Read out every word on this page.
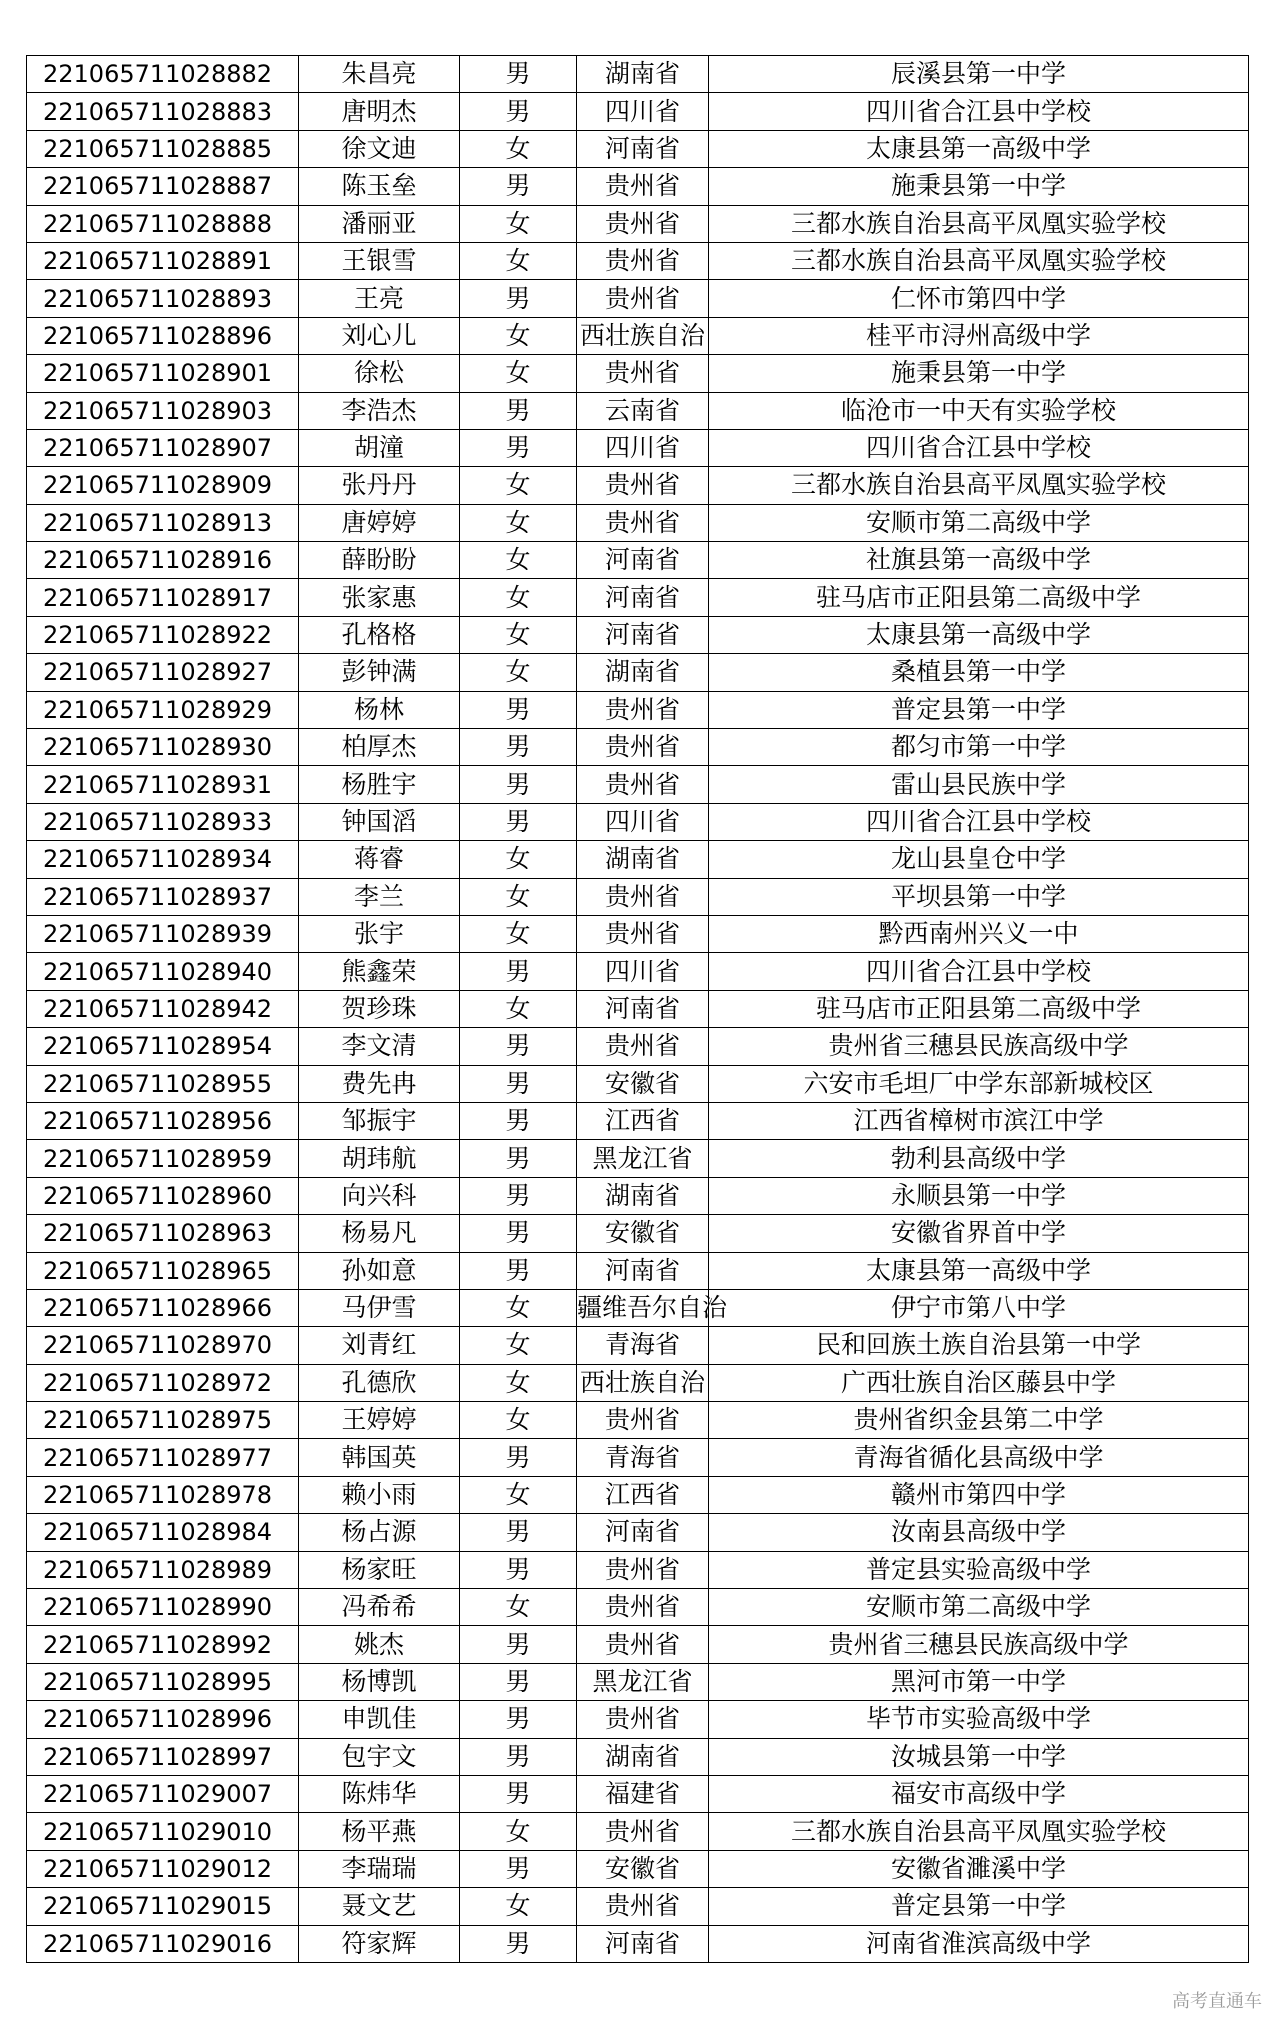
221065711028882	朱昌亮	男	湖南省	辰溪县第一中学
221065711028883	唐明杰	男	四川省	四川省合江县中学校
221065711028885	徐文迪	女	河南省	太康县第一高级中学
221065711028887	陈玉垒	男	贵州省	施秉县第一中学
221065711028888	潘丽亚	女	贵州省	三都水族自治县高平凤凰实验学校
221065711028891	王银雪	女	贵州省	三都水族自治县高平凤凰实验学校
221065711028893	王亮	男	贵州省	仁怀市第四中学
221065711028896	刘心儿	女	西壮族自治	桂平市浔州高级中学
221065711028901	徐松	女	贵州省	施秉县第一中学
221065711028903	李浩杰	男	云南省	临沧市一中天有实验学校
221065711028907	胡潼	男	四川省	四川省合江县中学校
221065711028909	张丹丹	女	贵州省	三都水族自治县高平凤凰实验学校
221065711028913	唐婷婷	女	贵州省	安顺市第二高级中学
221065711028916	薛盼盼	女	河南省	社旗县第一高级中学
221065711028917	张家惠	女	河南省	驻马店市正阳县第二高级中学
221065711028922	孔格格	女	河南省	太康县第一高级中学
221065711028927	彭钟满	女	湖南省	桑植县第一中学
221065711028929	杨林	男	贵州省	普定县第一中学
221065711028930	柏厚杰	男	贵州省	都匀市第一中学
221065711028931	杨胜宇	男	贵州省	雷山县民族中学
221065711028933	钟国滔	男	四川省	四川省合江县中学校
221065711028934	蒋睿	女	湖南省	龙山县皇仓中学
221065711028937	李兰	女	贵州省	平坝县第一中学
221065711028939	张宇	女	贵州省	黔西南州兴义一中
221065711028940	熊鑫荣	男	四川省	四川省合江县中学校
221065711028942	贺珍珠	女	河南省	驻马店市正阳县第二高级中学
221065711028954	李文清	男	贵州省	贵州省三穗县民族高级中学
221065711028955	费先冉	男	安徽省	六安市毛坦厂中学东部新城校区
221065711028956	邹振宇	男	江西省	江西省樟树市滨江中学
221065711028959	胡玮航	男	黑龙江省	勃利县高级中学
221065711028960	向兴科	男	湖南省	永顺县第一中学
221065711028963	杨易凡	男	安徽省	安徽省界首中学
221065711028965	孙如意	男	河南省	太康县第一高级中学
221065711028966	马伊雪	女	疆维吾尔自治	伊宁市第八中学
221065711028970	刘青红	女	青海省	民和回族土族自治县第一中学
221065711028972	孔德欣	女	西壮族自治	广西壮族自治区藤县中学
221065711028975	王婷婷	女	贵州省	贵州省织金县第二中学
221065711028977	韩国英	男	青海省	青海省循化县高级中学
221065711028978	赖小雨	女	江西省	赣州市第四中学
221065711028984	杨占源	男	河南省	汝南县高级中学
221065711028989	杨家旺	男	贵州省	普定县实验高级中学
221065711028990	冯希希	女	贵州省	安顺市第二高级中学
221065711028992	姚杰	男	贵州省	贵州省三穗县民族高级中学
221065711028995	杨博凯	男	黑龙江省	黑河市第一中学
221065711028996	申凯佳	男	贵州省	毕节市实验高级中学
221065711028997	包宇文	男	湖南省	汝城县第一中学
221065711029007	陈炜华	男	福建省	福安市高级中学
221065711029010	杨平燕	女	贵州省	三都水族自治县高平凤凰实验学校
221065711029012	李瑞瑞	男	安徽省	安徽省濉溪中学
221065711029015	聂文艺	女	贵州省	普定县第一中学
221065711029016	符家辉	男	河南省	河南省淮滨高级中学
高考直通车
